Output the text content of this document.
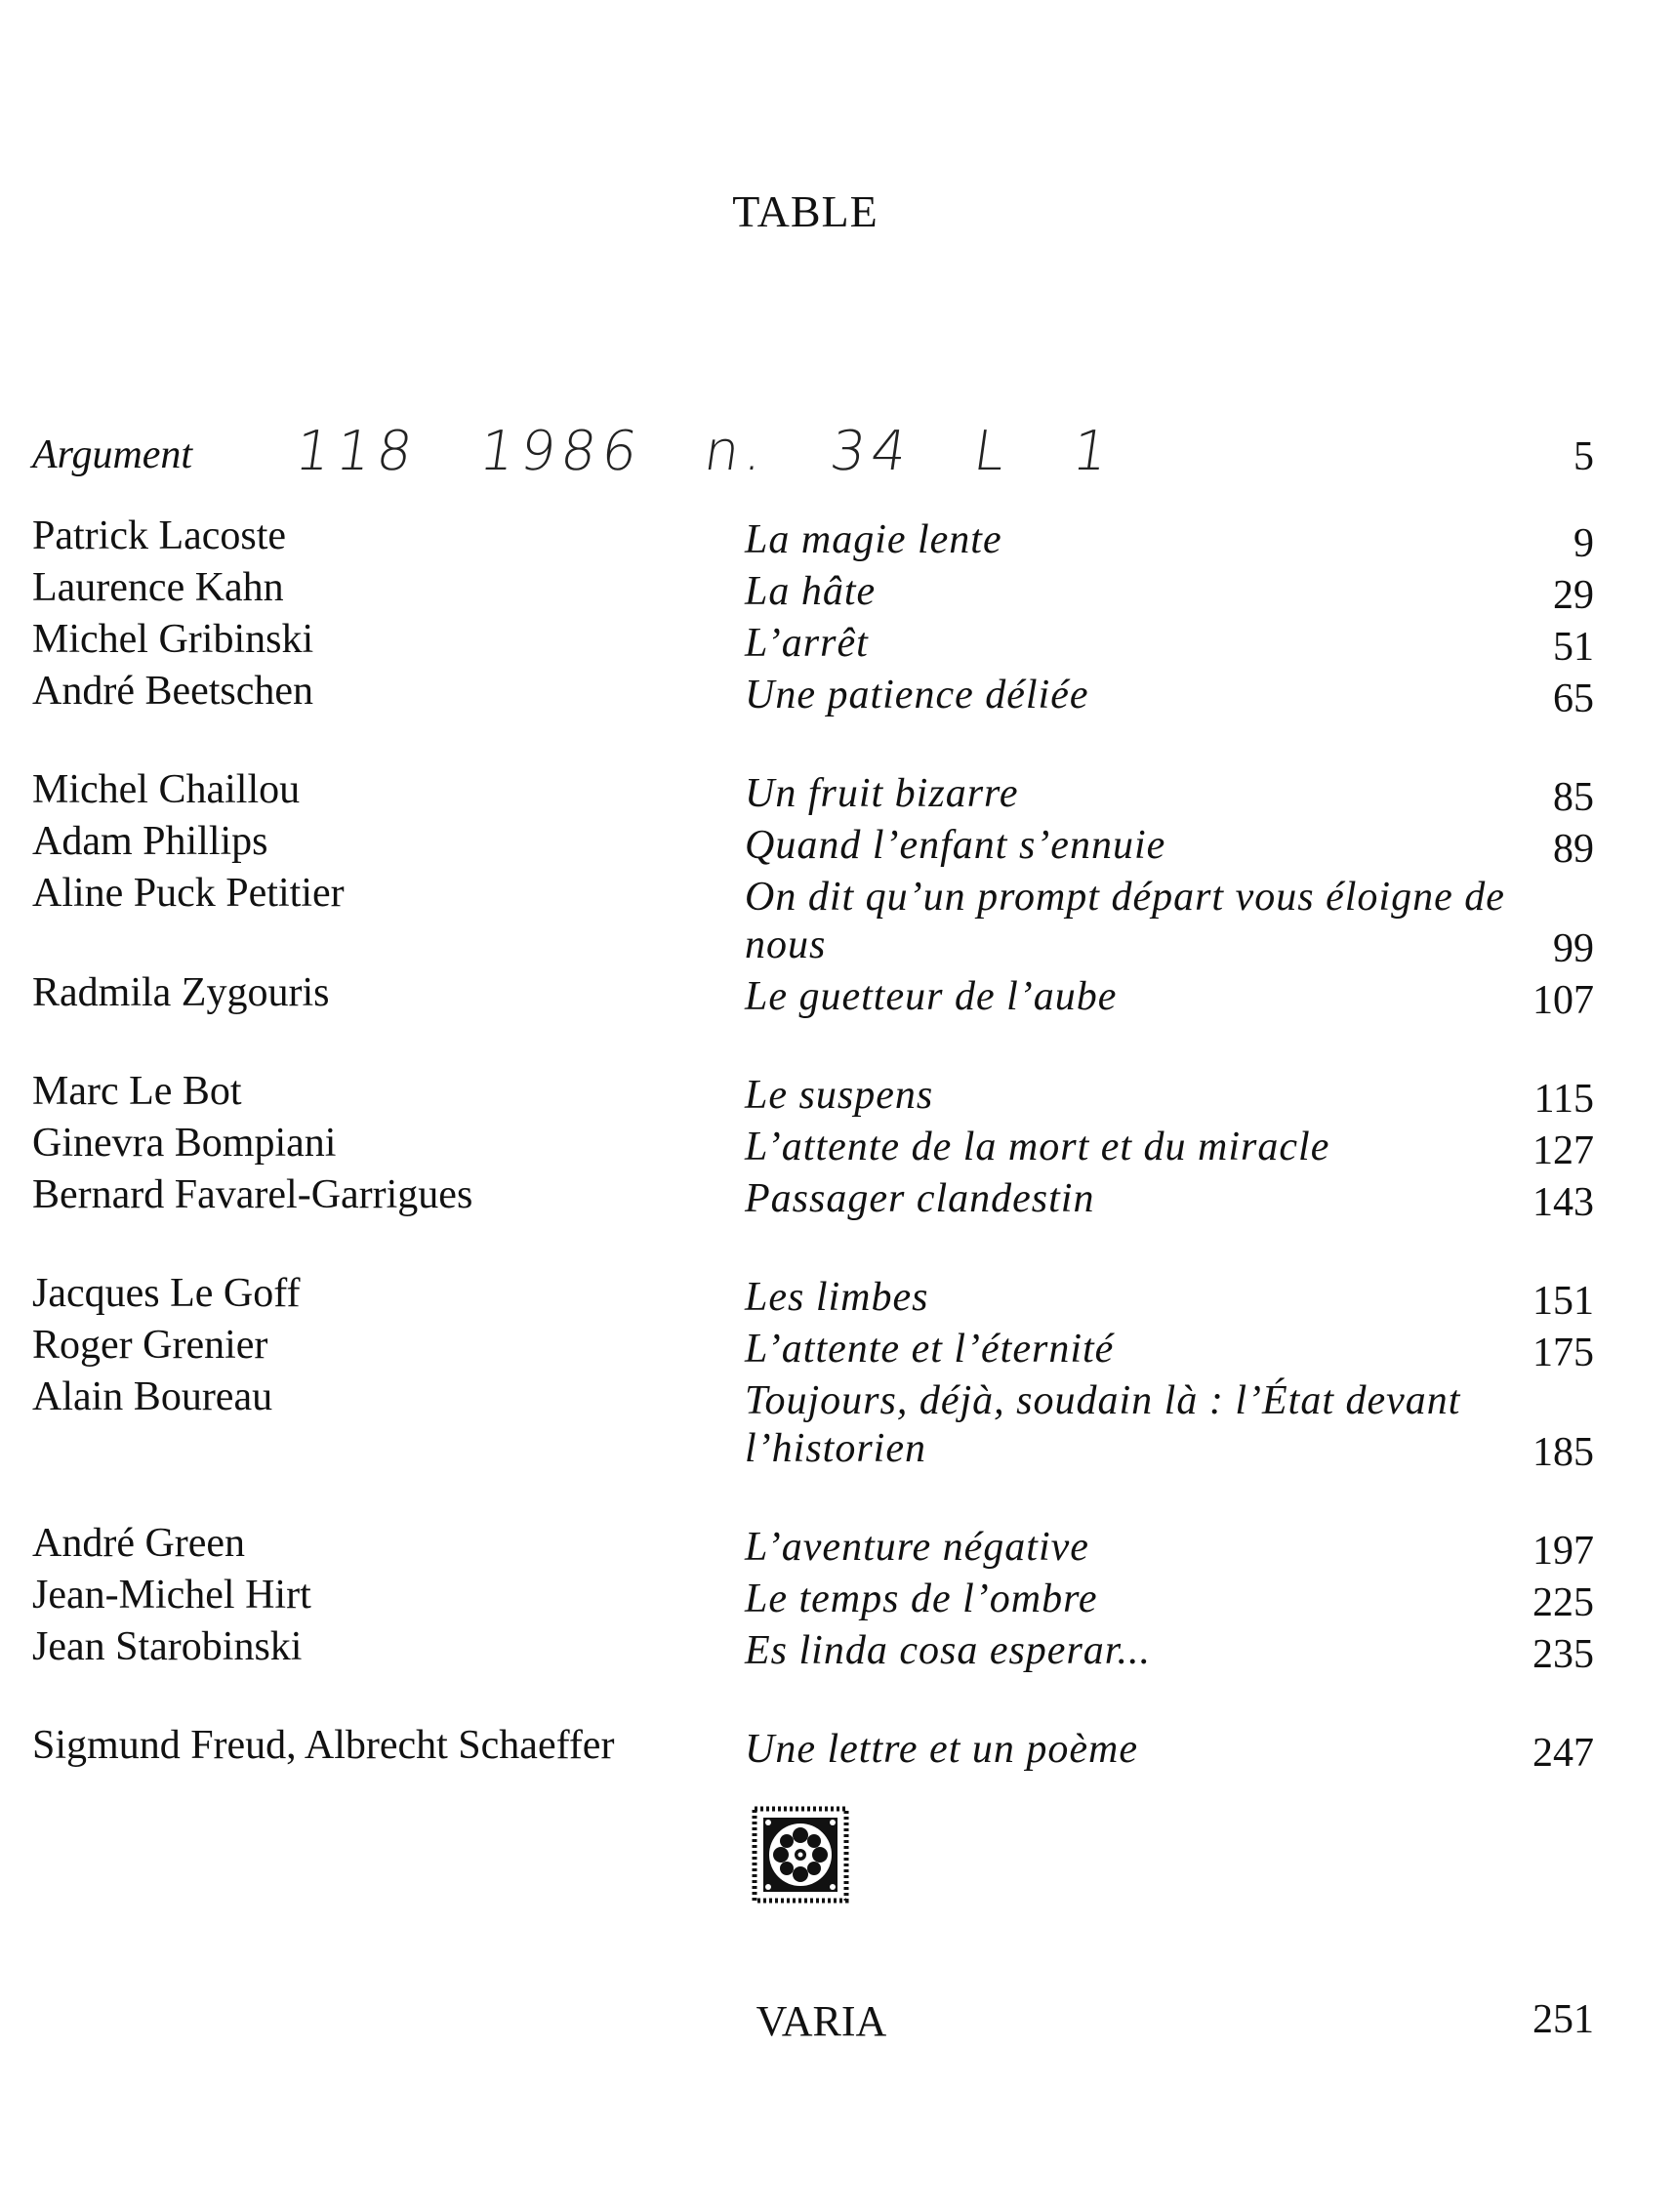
TABLE
Argument 118 1986 n. 34 L 1	5
Patrick Lacoste	La magie lente	9
Laurence Kahn	La hâte	29
Michel Gribinski	L’arrêt	51
André Beetschen	Une patience déliée	65
Michel Chaillou	Un fruit bizarre	85
Adam Phillips	Quand l’enfant s’ennuie	89
Aline Puck Petitier	On dit qu’un prompt départ vous éloigne de nous	99
Radmila Zygouris	Le guetteur de l’aube	107
Marc Le Bot	Le suspens	115
Ginevra Bompiani	L’attente de la mort et du miracle	127
Bernard Favarel-Garrigues	Passager clandestin	143
Jacques Le Goff	Les limbes	151
Roger Grenier	L’attente et l’éternité	175
Alain Boureau	Toujours, déjà, soudain là : l’État devant l’historien	185
André Green	L’aventure négative	197
Jean-Michel Hirt	Le temps de l’ombre	225
Jean Starobinski	Es linda cosa esperar...	235
Sigmund Freud, Albrecht Schaeffer	Une lettre et un poème	247
VARIA	251
